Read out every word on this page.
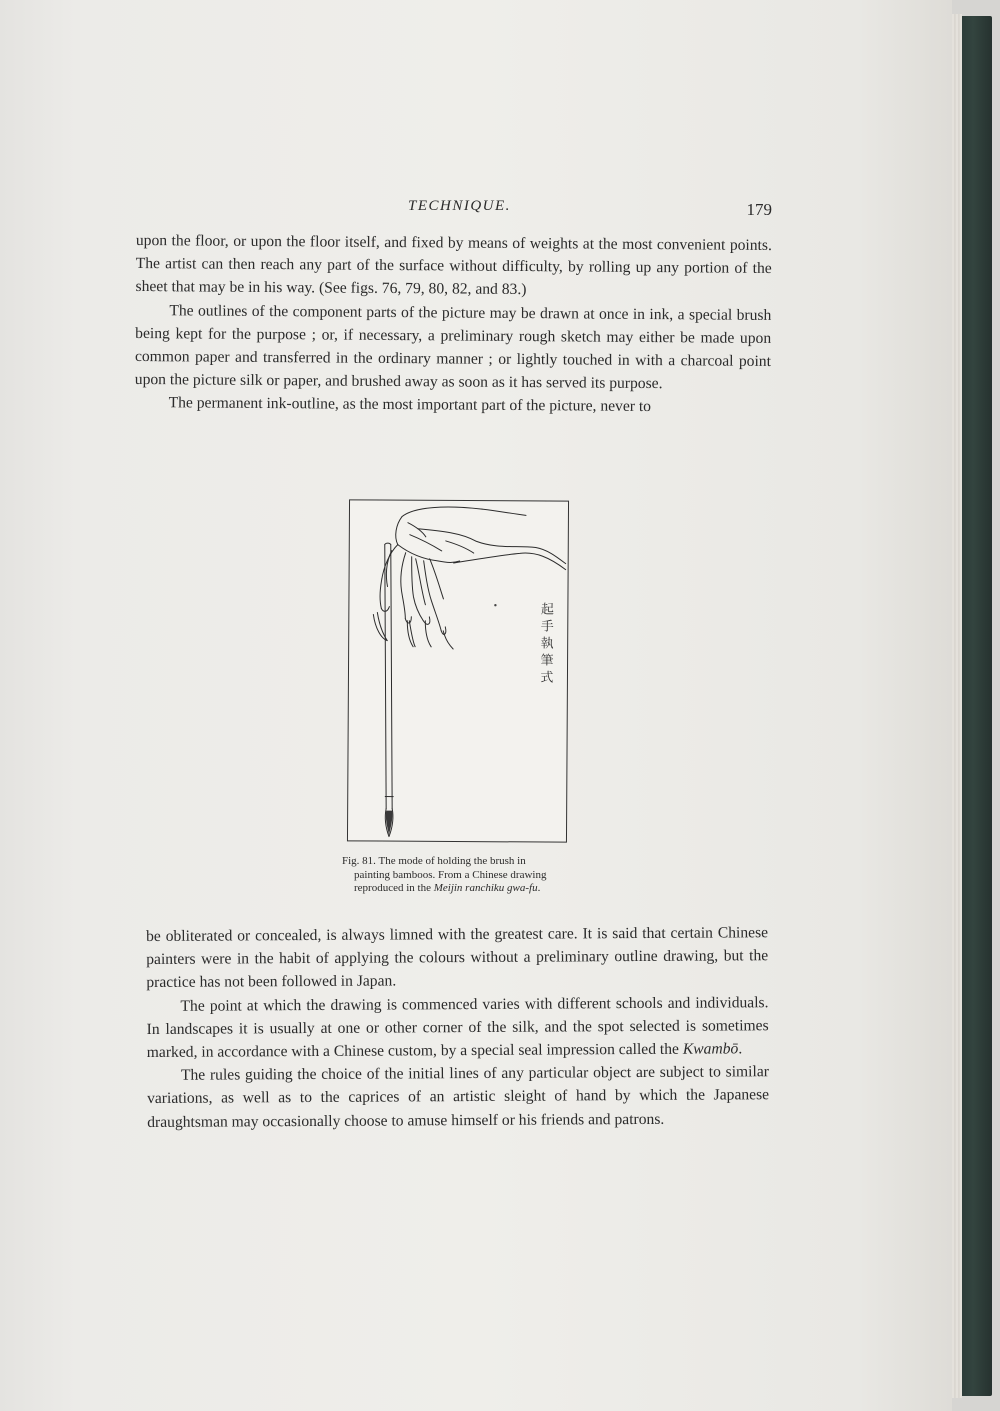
TECHNIQUE.	179

upon the floor, or upon the floor itself, and fixed by means of weights at the most convenient points. The artist can then reach any part of the surface without difficulty, by rolling up any portion of the sheet that may be in his way. (See figs. 76, 79, 80, 82, and 83.)

The outlines of the component parts of the picture may be drawn at once in ink, a special brush being kept for the purpose ; or, if necessary, a preliminary rough sketch may either be made upon common paper and transferred in the ordinary manner ; or lightly touched in with a charcoal point upon the picture silk or paper, and brushed away as soon as it has served its purpose.

The permanent ink-outline, as the most important part of the picture, never to

起手執筆式
Fig. 81. The mode of holding the brush in
painting bamboos. From a Chinese drawing
reproduced in the Meijin ranchiku gwa-fu.

be obliterated or concealed, is always limned with the greatest care. It is said that certain Chinese painters were in the habit of applying the colours without a preliminary outline drawing, but the practice has not been followed in Japan.

The point at which the drawing is commenced varies with different schools and individuals. In landscapes it is usually at one or other corner of the silk, and the spot selected is sometimes marked, in accordance with a Chinese custom, by a special seal impression called the Kwambō.

The rules guiding the choice of the initial lines of any particular object are subject to similar variations, as well as to the caprices of an artistic sleight of hand by which the Japanese draughtsman may occasionally choose to amuse himself or his friends and patrons.
